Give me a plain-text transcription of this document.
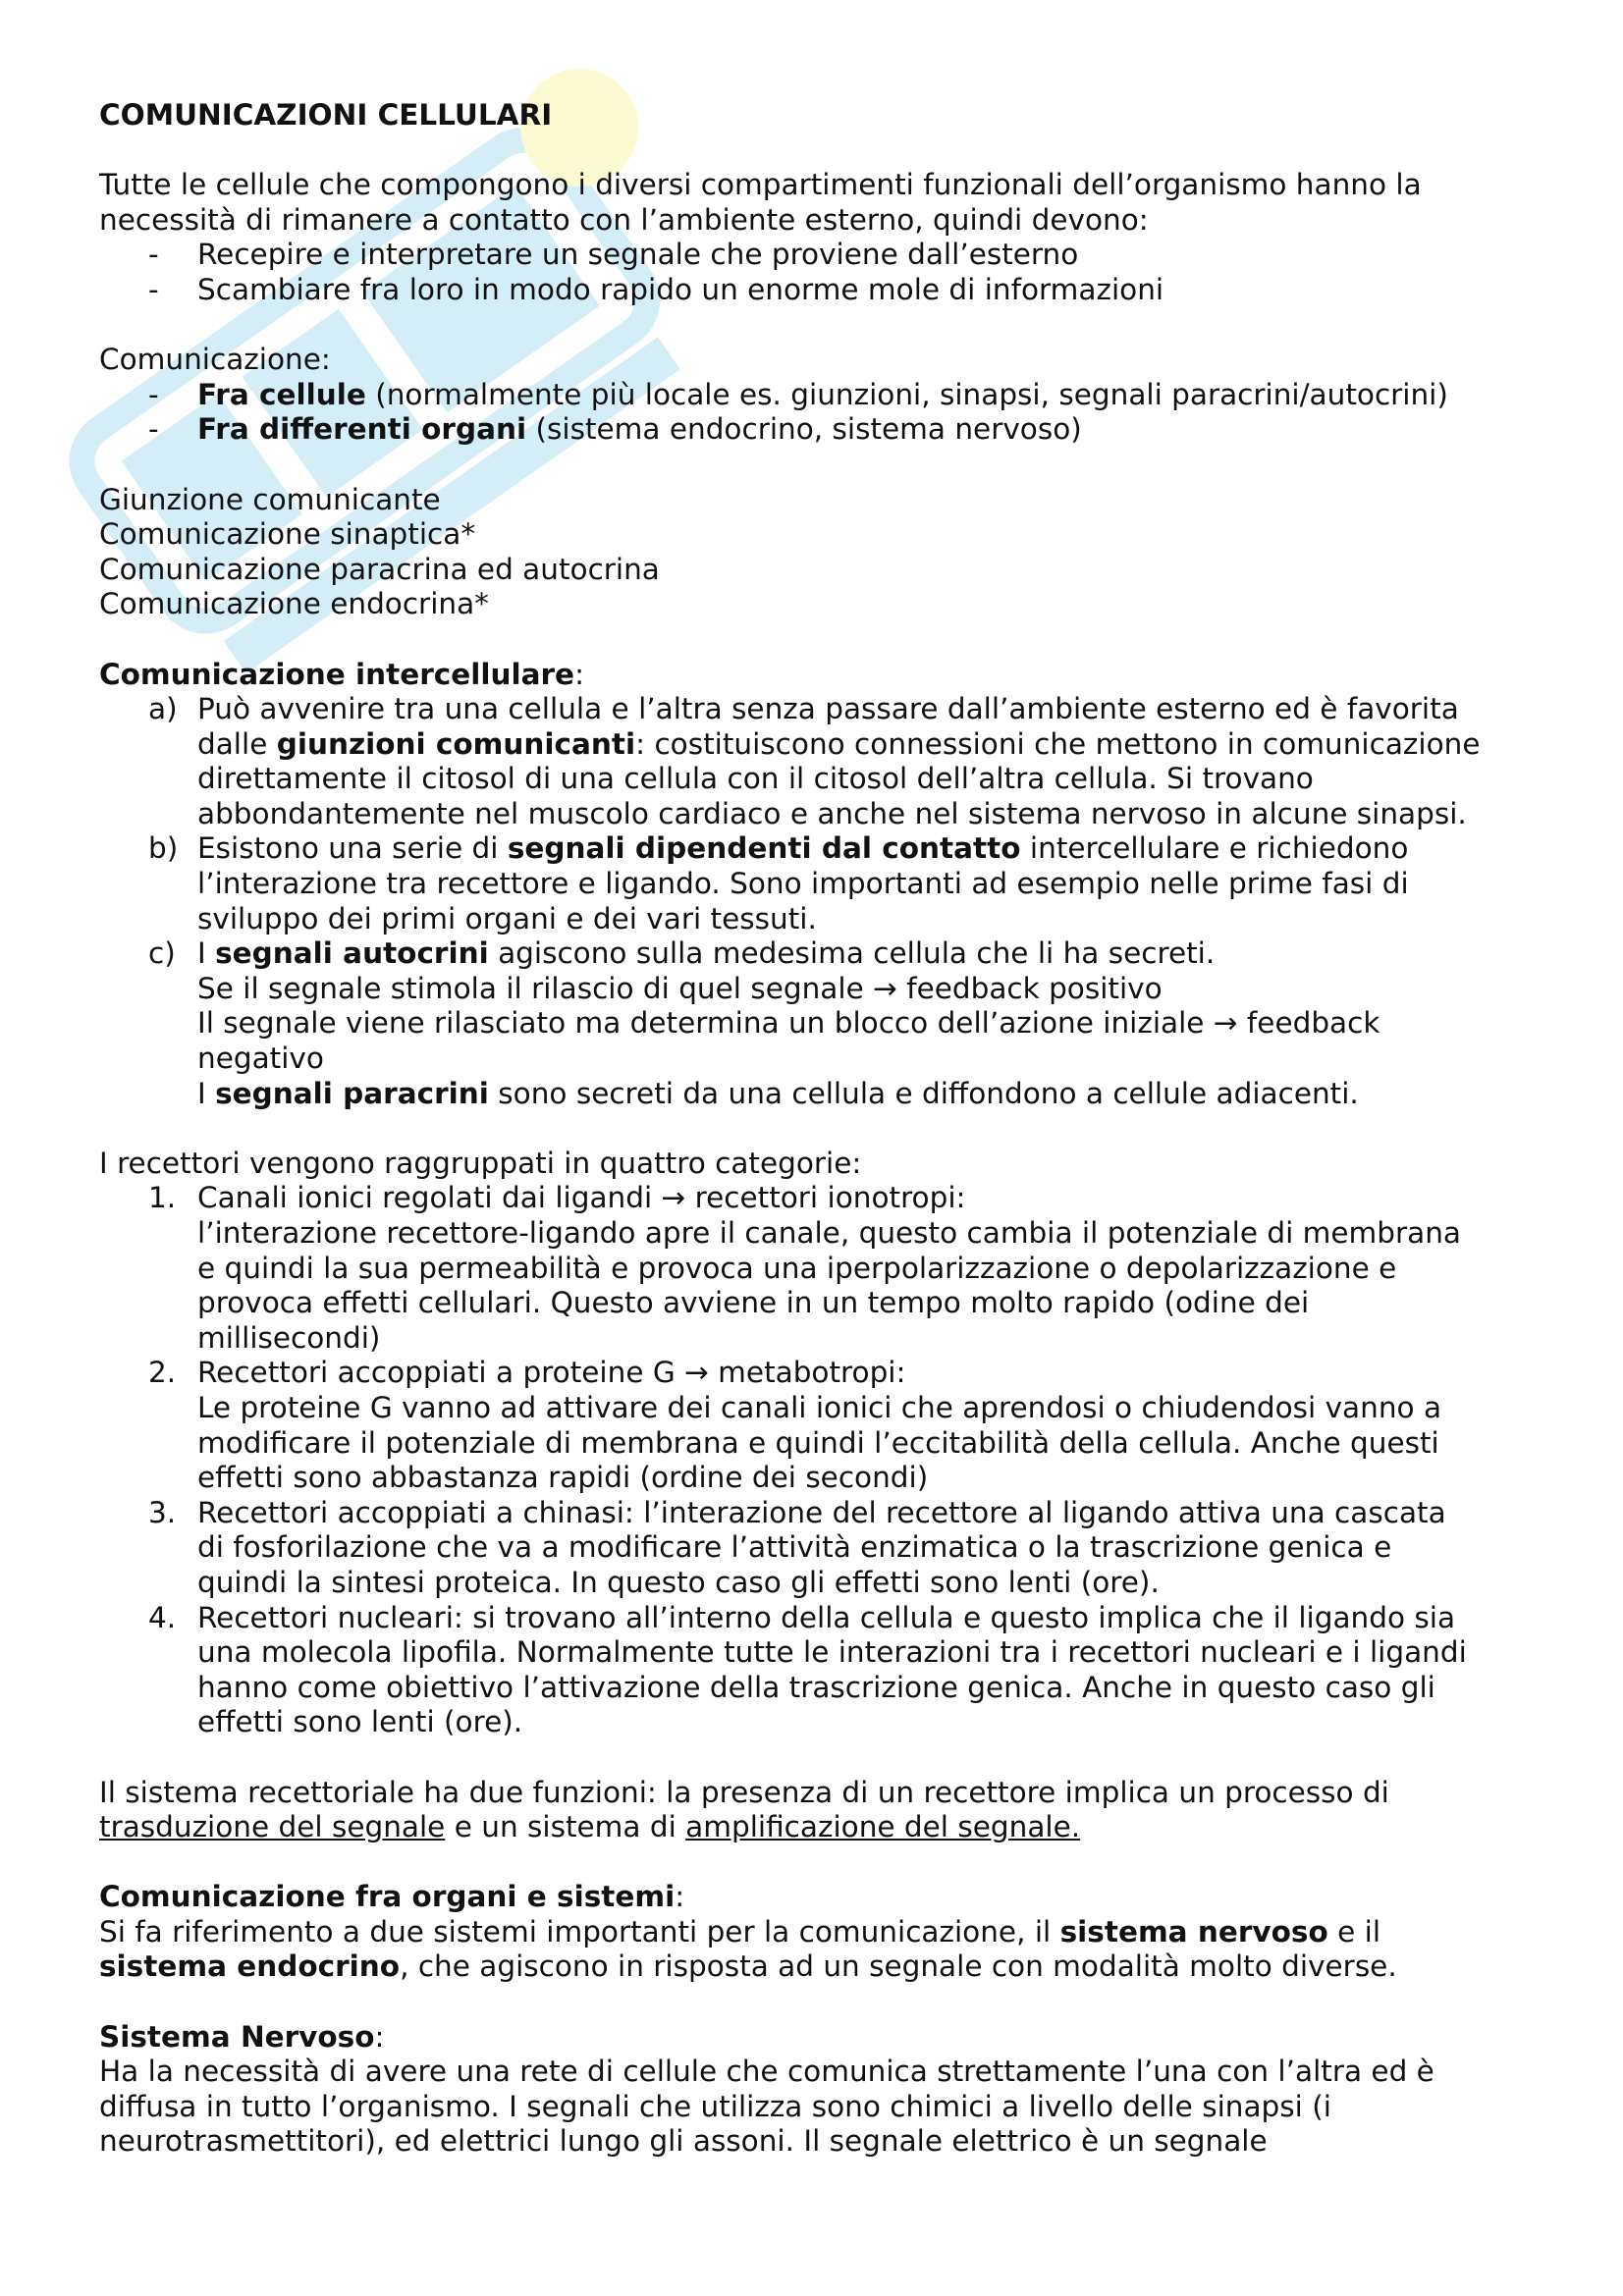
COMUNICAZIONI CELLULARI

Tutte le cellule che compongono i diversi compartimenti funzionali dell’organismo hanno la

necessità di rimanere a contatto con l’ambiente esterno, quindi devono:

- Recepire e interpretare un segnale che proviene dall’esterno
- Scambiare fra loro in modo rapido un enorme mole di informazioni

Comunicazione:

- Fra cellule (normalmente più locale es. giunzioni, sinapsi, segnali paracrini/autocrini)
- Fra differenti organi (sistema endocrino, sistema nervoso)

Giunzione comunicante

Comunicazione sinaptica*

Comunicazione paracrina ed autocrina

Comunicazione endocrina*

Comunicazione intercellulare:

a) Può avvenire tra una cellula e l’altra senza passare dall’ambiente esterno ed è favorita
dalle giunzioni comunicanti: costituiscono connessioni che mettono in comunicazione
direttamente il citosol di una cellula con il citosol dell’altra cellula. Si trovano
abbondantemente nel muscolo cardiaco e anche nel sistema nervoso in alcune sinapsi.
b) Esistono una serie di segnali dipendenti dal contatto intercellulare e richiedono
l’interazione tra recettore e ligando. Sono importanti ad esempio nelle prime fasi di
sviluppo dei primi organi e dei vari tessuti.
c) I segnali autocrini agiscono sulla medesima cellula che li ha secreti.
Se il segnale stimola il rilascio di quel segnale → feedback positivo
Il segnale viene rilasciato ma determina un blocco dell’azione iniziale → feedback
negativo
I segnali paracrini sono secreti da una cellula e diffondono a cellule adiacenti.

I recettori vengono raggruppati in quattro categorie:

1. Canali ionici regolati dai ligandi → recettori ionotropi:
l’interazione recettore-ligando apre il canale, questo cambia il potenziale di membrana
e quindi la sua permeabilità e provoca una iperpolarizzazione o depolarizzazione e
provoca effetti cellulari. Questo avviene in un tempo molto rapido (odine dei
millisecondi)
2. Recettori accoppiati a proteine G → metabotropi:
Le proteine G vanno ad attivare dei canali ionici che aprendosi o chiudendosi vanno a
modificare il potenziale di membrana e quindi l’eccitabilità della cellula. Anche questi
effetti sono abbastanza rapidi (ordine dei secondi)
3. Recettori accoppiati a chinasi: l’interazione del recettore al ligando attiva una cascata
di fosforilazione che va a modificare l’attività enzimatica o la trascrizione genica e
quindi la sintesi proteica. In questo caso gli effetti sono lenti (ore).
4. Recettori nucleari: si trovano all’interno della cellula e questo implica che il ligando sia
una molecola lipofila. Normalmente tutte le interazioni tra i recettori nucleari e i ligandi
hanno come obiettivo l’attivazione della trascrizione genica. Anche in questo caso gli
effetti sono lenti (ore).

Il sistema recettoriale ha due funzioni: la presenza di un recettore implica un processo di

trasduzione del segnale e un sistema di amplificazione del segnale.

Comunicazione fra organi e sistemi:

Si fa riferimento a due sistemi importanti per la comunicazione, il sistema nervoso e il

sistema endocrino, che agiscono in risposta ad un segnale con modalità molto diverse.

Sistema Nervoso:

Ha la necessità di avere una rete di cellule che comunica strettamente l’una con l’altra ed è

diffusa in tutto l’organismo. I segnali che utilizza sono chimici a livello delle sinapsi (i

neurotrasmettitori), ed elettrici lungo gli assoni. Il segnale elettrico è un segnale
